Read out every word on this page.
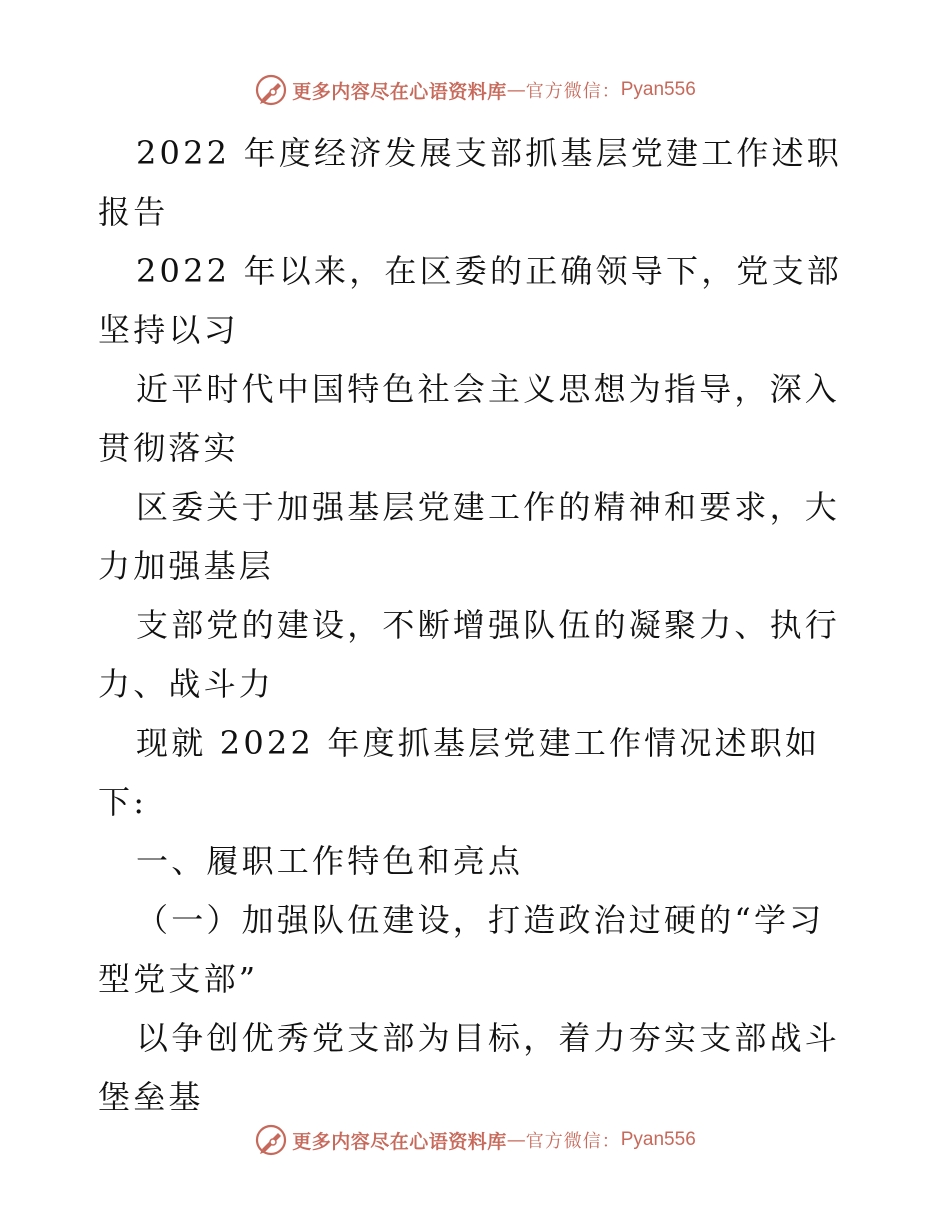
更多内容尽在心语资料库 — 官方微信： Pyan556

2022 年度经济发展支部抓基层党建工作述职报告

2022 年以来，在区委的正确领导下，党支部坚持以习

近平时代中国特色社会主义思想为指导，深入贯彻落实

区委关于加强基层党建工作的精神和要求，大力加强基层

支部党的建设，不断增强队伍的凝聚力、执行力、战斗力

现就 2022 年度抓基层党建工作情况述职如下:

一、履职工作特色和亮点

（一）加强队伍建设，打造政治过硬的“学习型党支部”

以争创优秀党支部为目标，着力夯实支部战斗堡垒基

更多内容尽在心语资料库 — 官方微信： Pyan556
